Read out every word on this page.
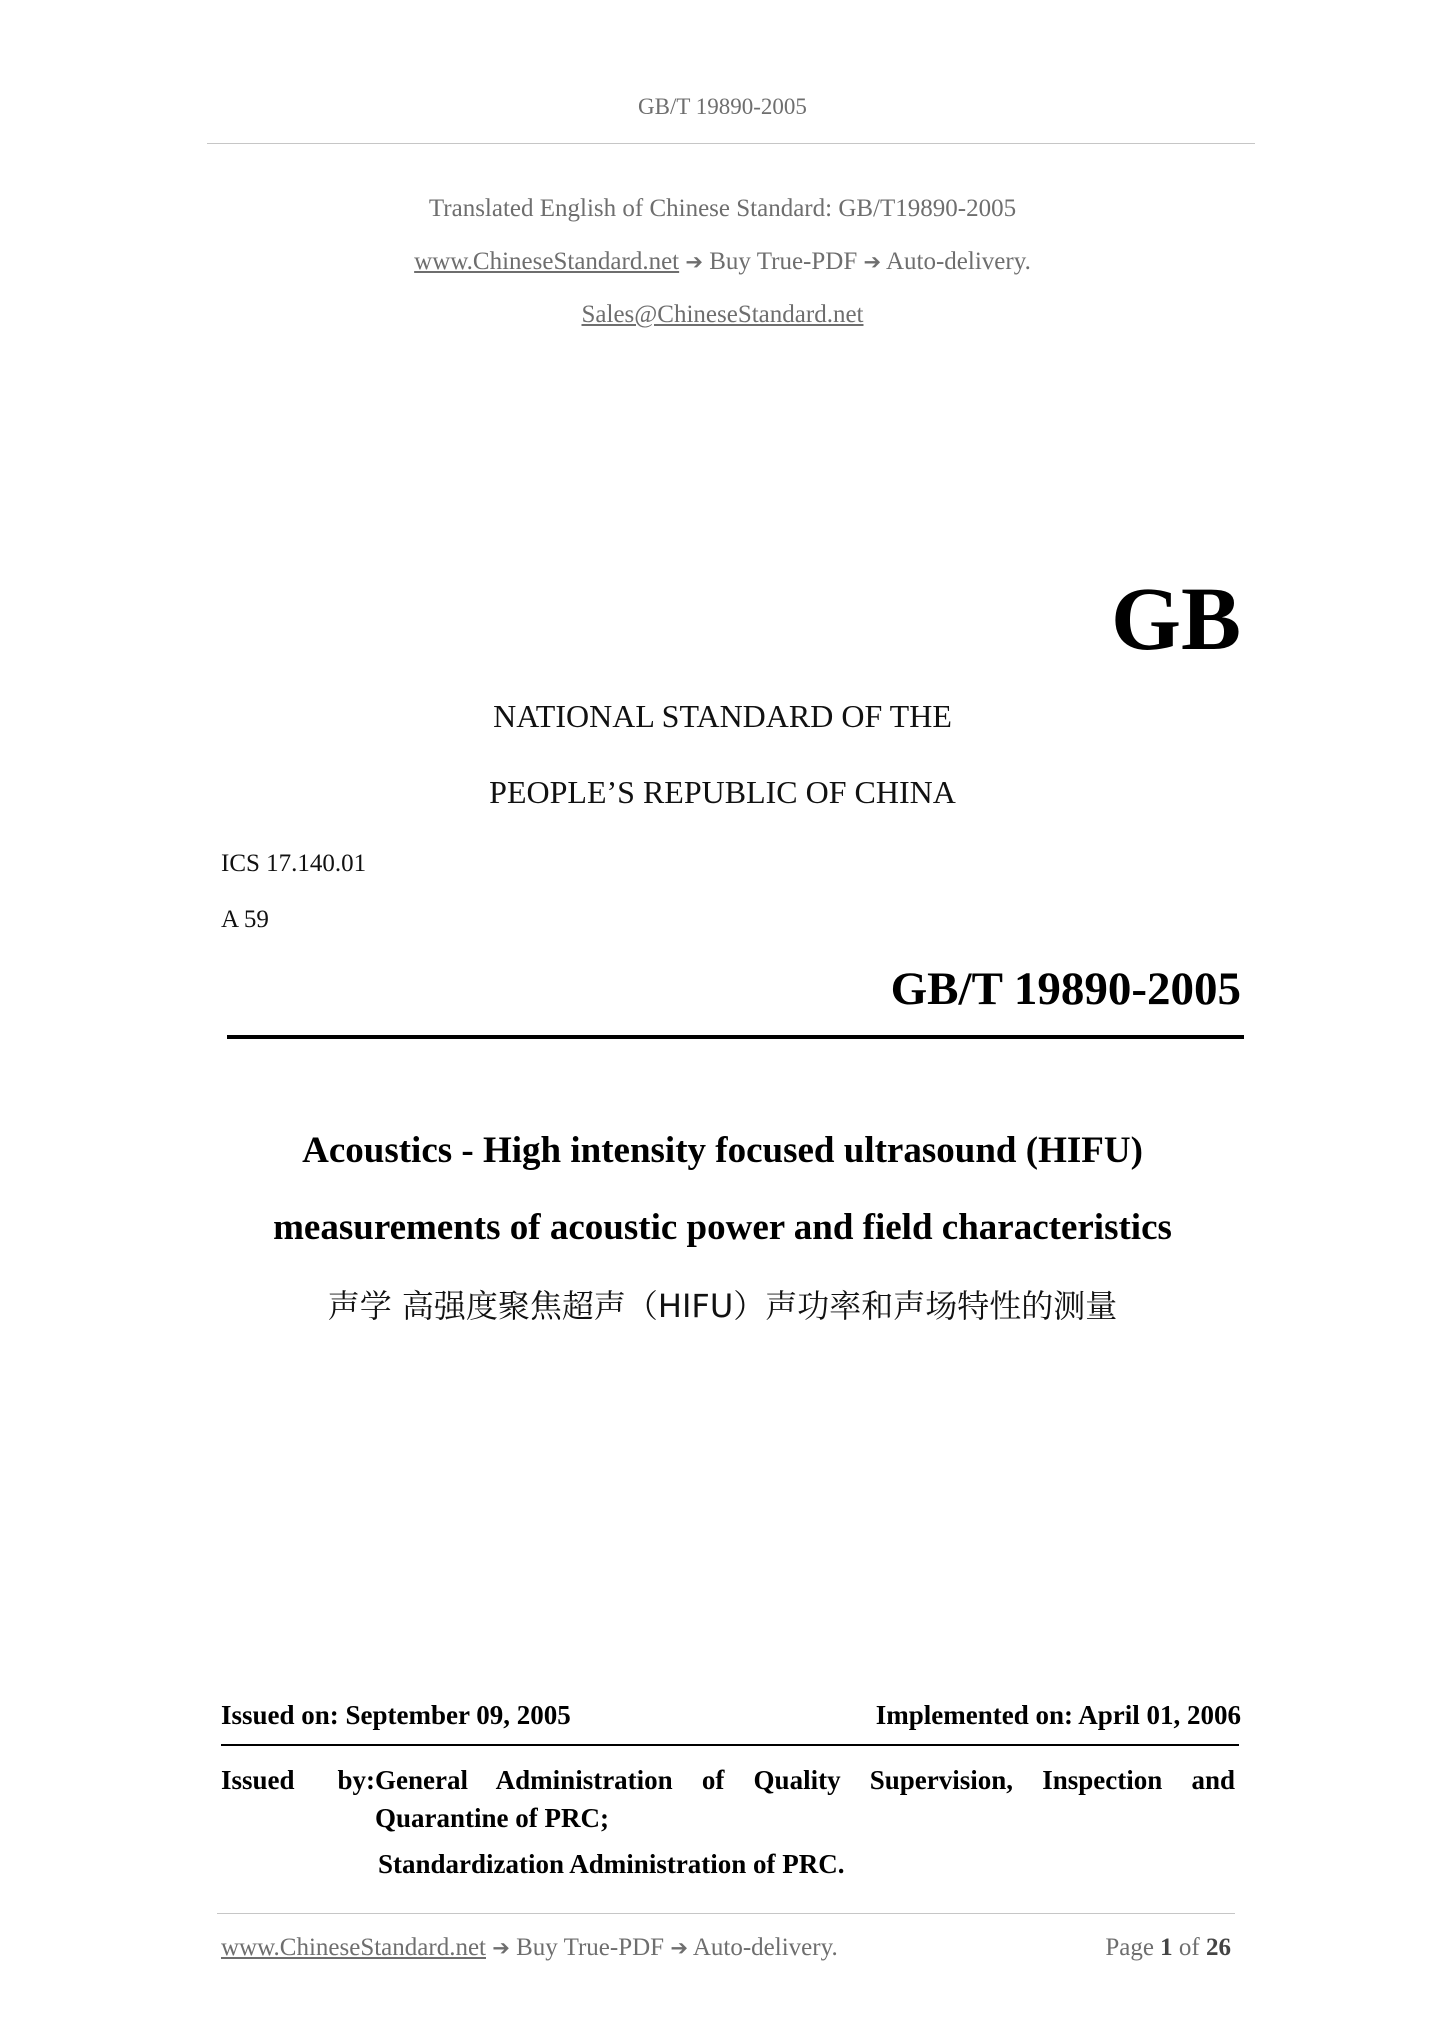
GB/T 19890-2005
Translated English of Chinese Standard: GB/T19890-2005
www.ChineseStandard.net ➔ Buy True-PDF ➔ Auto-delivery.
Sales@ChineseStandard.net
GB
NATIONAL STANDARD OF THE
PEOPLE’S REPUBLIC OF CHINA
ICS 17.140.01
A 59
GB/T 19890-2005
Acoustics - High intensity focused ultrasound (HIFU)
measurements of acoustic power and field characteristics
声学 高强度聚焦超声（HIFU）声功率和声场特性的测量
Issued on: September 09, 2005	Implemented on: April 01, 2006
Issued by:General Administration of Quality Supervision, Inspection and
Quarantine of PRC;
Standardization Administration of PRC.
www.ChineseStandard.net ➔ Buy True-PDF ➔ Auto-delivery.	Page 1 of 26
